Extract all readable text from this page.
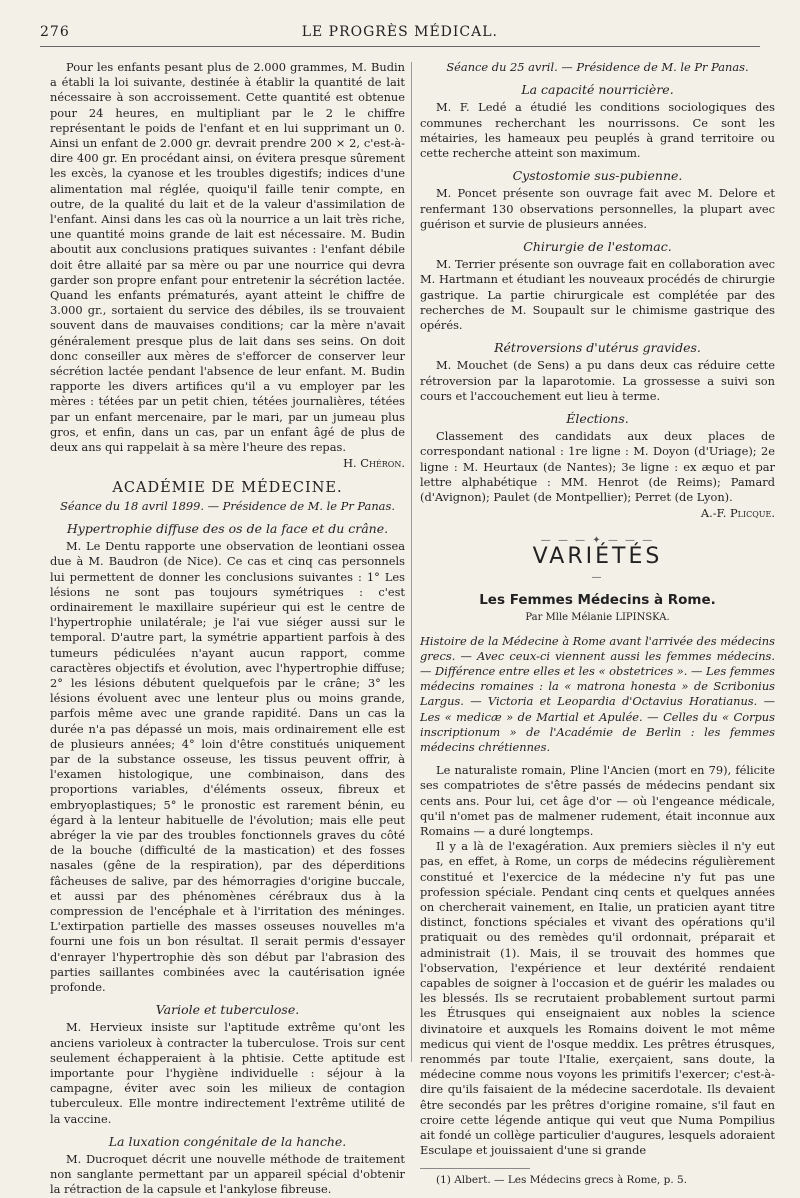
276	LE PROGRÈS MÉDICAL.

Pour les enfants pesant plus de 2.000 grammes, M. Budin a établi la loi suivante, destinée à établir la quantité de lait nécessaire à son accroissement. Cette quantité est obtenue pour 24 heures, en multipliant par le 2 le chiffre représentant le poids de l'enfant et en lui supprimant un 0. Ainsi un enfant de 2.000 gr. devrait prendre 200 × 2, c'est-à-dire 400 gr. En procédant ainsi, on évitera presque sûrement les excès, la cyanose et les troubles digestifs; indices d'une alimentation mal réglée, quoiqu'il faille tenir compte, en outre, de la qualité du lait et de la valeur d'assimilation de l'enfant. Ainsi dans les cas où la nourrice a un lait très riche, une quantité moins grande de lait est nécessaire. M. Budin aboutit aux conclusions pratiques suivantes : l'enfant débile doit être allaité par sa mère ou par une nourrice qui devra garder son propre enfant pour entretenir la sécrétion lactée. Quand les enfants prématurés, ayant atteint le chiffre de 3.000 gr., sortaient du service des débiles, ils se trouvaient souvent dans de mauvaises conditions; car la mère n'avait généralement presque plus de lait dans ses seins. On doit donc conseiller aux mères de s'efforcer de conserver leur sécrétion lactée pendant l'absence de leur enfant. M. Budin rapporte les divers artifices qu'il a vu employer par les mères : tétées par un petit chien, tétées journalières, tétées par un enfant mercenaire, par le mari, par un jumeau plus gros, et enfin, dans un cas, par un enfant âgé de plus de deux ans qui rappelait à sa mère l'heure des repas.

H. Chéron.
ACADÉMIE DE MÉDECINE.

Séance du 18 avril 1899. — Présidence de M. le Pr Panas.

Hypertrophie diffuse des os de la face et du crâne.

M. Le Dentu rapporte une observation de leontiani ossea due à M. Baudron (de Nice). Ce cas et cinq cas personnels lui permettent de donner les conclusions suivantes : 1° Les lésions ne sont pas toujours symétriques : c'est ordinairement le maxillaire supérieur qui est le centre de l'hypertrophie unilatérale; je l'ai vue siéger aussi sur le temporal. D'autre part, la symétrie appartient parfois à des tumeurs pédiculées n'ayant aucun rapport, comme caractères objectifs et évolution, avec l'hypertrophie diffuse; 2° les lésions débutent quelquefois par le crâne; 3° les lésions évoluent avec une lenteur plus ou moins grande, parfois même avec une grande rapidité. Dans un cas la durée n'a pas dépassé un mois, mais ordinairement elle est de plusieurs années; 4° loin d'être constitués uniquement par de la substance osseuse, les tissus peuvent offrir, à l'examen histologique, une combinaison, dans des proportions variables, d'éléments osseux, fibreux et embryoplastiques; 5° le pronostic est rarement bénin, eu égard à la lenteur habituelle de l'évolution; mais elle peut abréger la vie par des troubles fonctionnels graves du côté de la bouche (difficulté de la mastication) et des fosses nasales (gêne de la respiration), par des déperditions fâcheuses de salive, par des hémorragies d'origine buccale, et aussi par des phénomènes cérébraux dus à la compression de l'encéphale et à l'irritation des méninges. L'extirpation partielle des masses osseuses nouvelles m'a fourni une fois un bon résultat. Il serait permis d'essayer d'enrayer l'hypertrophie dès son début par l'abrasion des parties saillantes combinées avec la cautérisation ignée profonde.

Variole et tuberculose.

M. Hervieux insiste sur l'aptitude extrême qu'ont les anciens varioleux à contracter la tuberculose. Trois sur cent seulement échapperaient à la phtisie. Cette aptitude est importante pour l'hygiène individuelle : séjour à la campagne, éviter avec soin les milieux de contagion tuberculeux. Elle montre indirectement l'extrême utilité de la vaccine.

La luxation congénitale de la hanche.

M. Ducroquet décrit une nouvelle méthode de traitement non sanglante permettant par un appareil spécial d'obtenir la rétraction de la capsule et l'ankylose fibreuse.

Séance du 25 avril. — Présidence de M. le Pr Panas.

La capacité nourricière.

M. F. Ledé a étudié les conditions sociologiques des communes recherchant les nourrissons. Ce sont les métairies, les hameaux peu peuplés à grand territoire ou cette recherche atteint son maximum.

Cystostomie sus-pubienne.

M. Poncet présente son ouvrage fait avec M. Delore et renfermant 130 observations personnelles, la plupart avec guérison et survie de plusieurs années.

Chirurgie de l'estomac.

M. Terrier présente son ouvrage fait en collaboration avec M. Hartmann et étudiant les nouveaux procédés de chirurgie gastrique. La partie chirurgicale est complétée par des recherches de M. Soupault sur le chimisme gastrique des opérés.

Rétroversions d'utérus gravides.

M. Mouchet (de Sens) a pu dans deux cas réduire cette rétroversion par la laparotomie. La grossesse a suivi son cours et l'accouchement eut lieu à terme.

Élections.

Classement des candidats aux deux places de correspondant national : 1re ligne : M. Doyon (d'Uriage); 2e ligne : M. Heurtaux (de Nantes); 3e ligne : ex æquo et par lettre alphabétique : MM. Henrot (de Reims); Pamard (d'Avignon); Paulet (de Montpellier); Perret (de Lyon).

A.-F. Plicque.
— — — ✦ — — —
VARIÉTÉS
—
Les Femmes Médecins à Rome.
Par Mlle Mélanie LIPINSKA.

Histoire de la Médecine à Rome avant l'arrivée des médecins grecs. — Avec ceux-ci viennent aussi les femmes médecins. — Différence entre elles et les « obstetrices ». — Les femmes médecins romaines : la « matrona honesta » de Scribonius Largus. — Victoria et Leopardia d'Octavius Horatianus. — Les « medicæ » de Martial et Apulée. — Celles du « Corpus inscriptionum » de l'Académie de Berlin : les femmes médecins chrétiennes.

Le naturaliste romain, Pline l'Ancien (mort en 79), félicite ses compatriotes de s'être passés de médecins pendant six cents ans. Pour lui, cet âge d'or — où l'engeance médicale, qu'il n'omet pas de malmener rudement, était inconnue aux Romains — a duré longtemps.

Il y a là de l'exagération. Aux premiers siècles il n'y eut pas, en effet, à Rome, un corps de médecins régulièrement constitué et l'exercice de la médecine n'y fut pas une profession spéciale. Pendant cinq cents et quelques années on chercherait vainement, en Italie, un praticien ayant titre distinct, fonctions spéciales et vivant des opérations qu'il pratiquait ou des remèdes qu'il ordonnait, préparait et administrait (1). Mais, il se trouvait des hommes que l'observation, l'expérience et leur dextérité rendaient capables de soigner à l'occasion et de guérir les malades ou les blessés. Ils se recrutaient probablement surtout parmi les Étrusques qui enseignaient aux nobles la science divinatoire et auxquels les Romains doivent le mot même medicus qui vient de l'osque meddix. Les prêtres étrusques, renommés par toute l'Italie, exerçaient, sans doute, la médecine comme nous voyons les primitifs l'exercer; c'est-à-dire qu'ils faisaient de la médecine sacerdotale. Ils devaient être secondés par les prêtres d'origine romaine, s'il faut en croire cette légende antique qui veut que Numa Pompilius ait fondé un collège particulier d'augures, lesquels adoraient Esculape et jouissaient d'une si grande

(1) Albert. — Les Médecins grecs à Rome, p. 5.
